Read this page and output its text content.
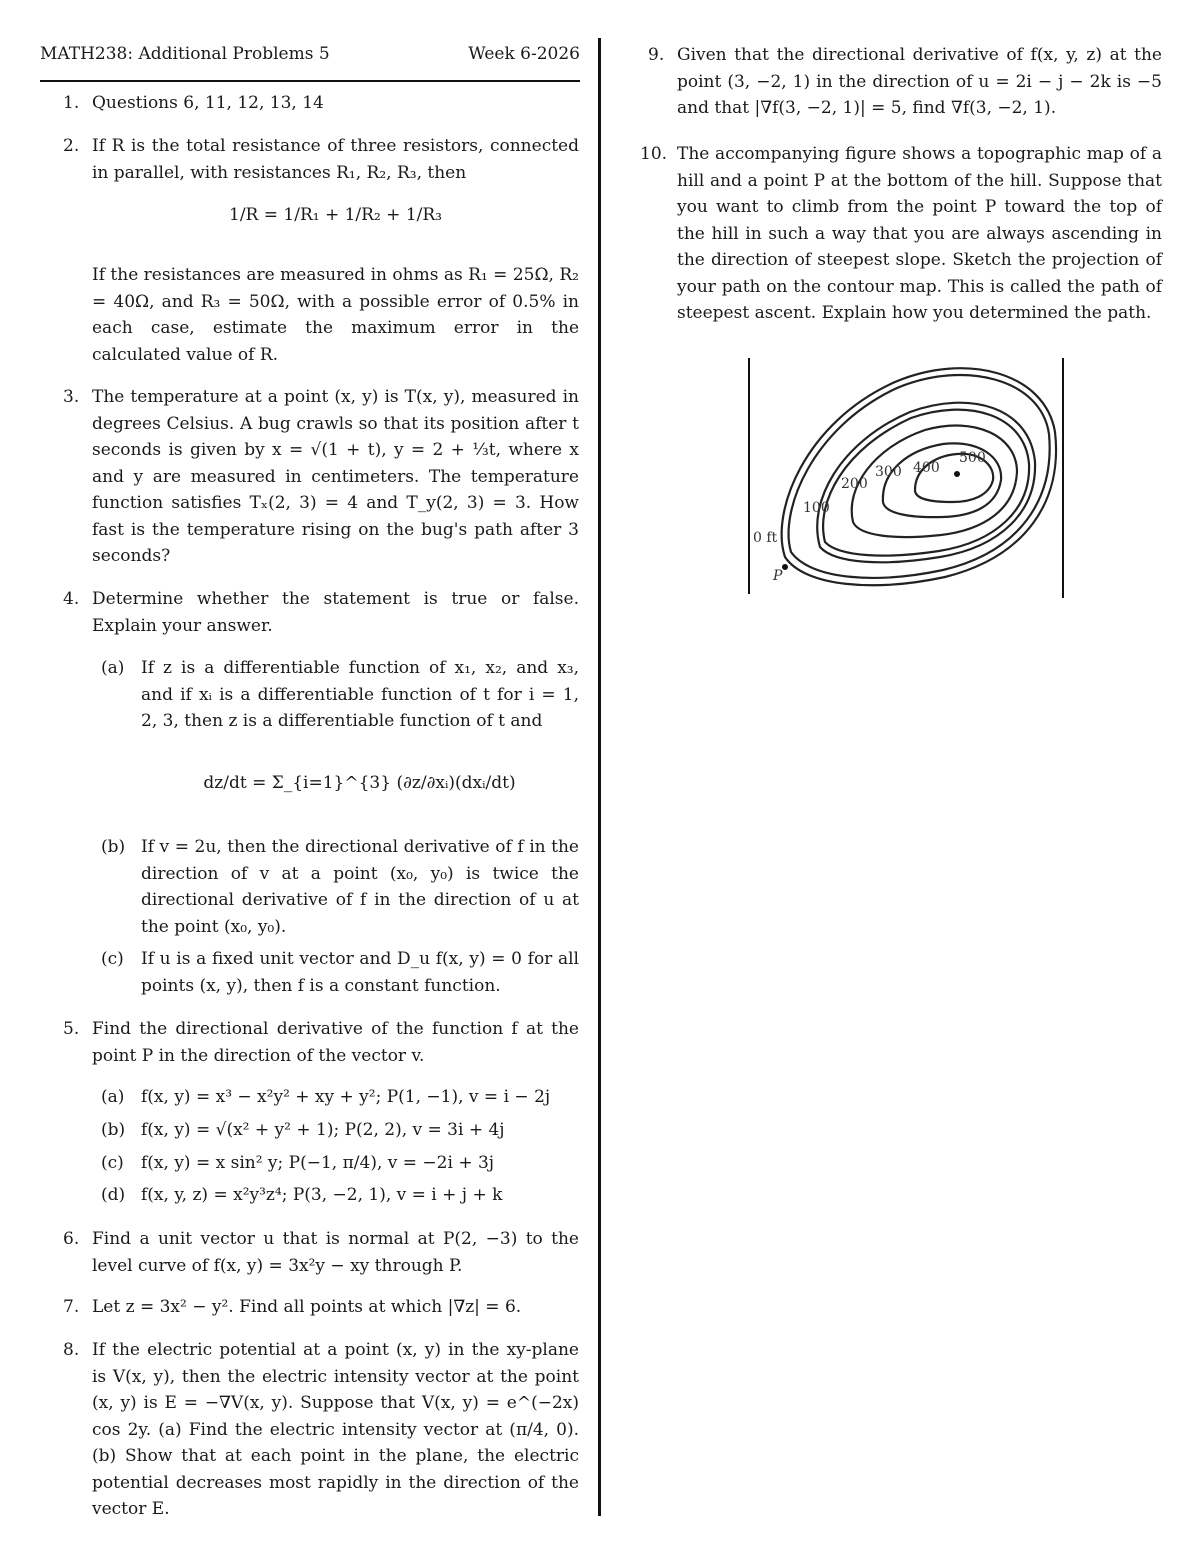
MATH238: Additional Problems 5	Week 6-2026
1. Questions 6, 11, 12, 13, 14
2. If R is the total resistance of three resistors, connected in parallel, with resistances R₁, R₂, R₃, then
1/R = 1/R₁ + 1/R₂ + 1/R₃
If the resistances are measured in ohms as R₁ = 25Ω, R₂ = 40Ω, and R₃ = 50Ω, with a possible error of 0.5% in each case, estimate the maximum error in the calculated value of R.
3. The temperature at a point (x, y) is T(x, y), measured in degrees Celsius. A bug crawls so that its position after t seconds is given by x = √(1 + t), y = 2 + ⅓t, where x and y are measured in centimeters. The temperature function satisfies Tₓ(2, 3) = 4 and T_y(2, 3) = 3. How fast is the temperature rising on the bug's path after 3 seconds?
4. Determine whether the statement is true or false. Explain your answer.
(a) If z is a differentiable function of x₁, x₂, and x₃, and if xᵢ is a differentiable function of t for i = 1, 2, 3, then z is a differentiable function of t and
dz/dt = Σ_{i=1}^{3} (∂z/∂xᵢ)(dxᵢ/dt)
(b) If v = 2u, then the directional derivative of f in the direction of v at a point (x₀, y₀) is twice the directional derivative of f in the direction of u at the point (x₀, y₀).
(c) If u is a fixed unit vector and D_u f(x, y) = 0 for all points (x, y), then f is a constant function.
5. Find the directional derivative of the function f at the point P in the direction of the vector v.
(a) f(x, y) = x³ − x²y² + xy + y²; P(1, −1), v = i − 2j
(b) f(x, y) = √(x² + y² + 1); P(2, 2), v = 3i + 4j
(c) f(x, y) = x sin² y; P(−1, π/4), v = −2i + 3j
(d) f(x, y, z) = x²y³z⁴; P(3, −2, 1), v = i + j + k
6. Find a unit vector u that is normal at P(2, −3) to the level curve of f(x, y) = 3x²y − xy through P.
7. Let z = 3x² − y². Find all points at which |∇z| = 6.
8. If the electric potential at a point (x, y) in the xy-plane is V(x, y), then the electric intensity vector at the point (x, y) is E = −∇V(x, y). Suppose that V(x, y) = e^(−2x) cos 2y. (a) Find the electric intensity vector at (π/4, 0). (b) Show that at each point in the plane, the electric potential decreases most rapidly in the direction of the vector E.
9. Given that the directional derivative of f(x, y, z) at the point (3, −2, 1) in the direction of u = 2i − j − 2k is −5 and that |∇f(3, −2, 1)| = 5, find ∇f(3, −2, 1).
10. The accompanying figure shows a topographic map of a hill and a point P at the bottom of the hill. Suppose that you want to climb from the point P toward the top of the hill in such a way that you are always ascending in the direction of steepest slope. Sketch the projection of your path on the contour map. This is called the path of steepest ascent. Explain how you determined the path.
0 ft
100
200
300 400
500
P
